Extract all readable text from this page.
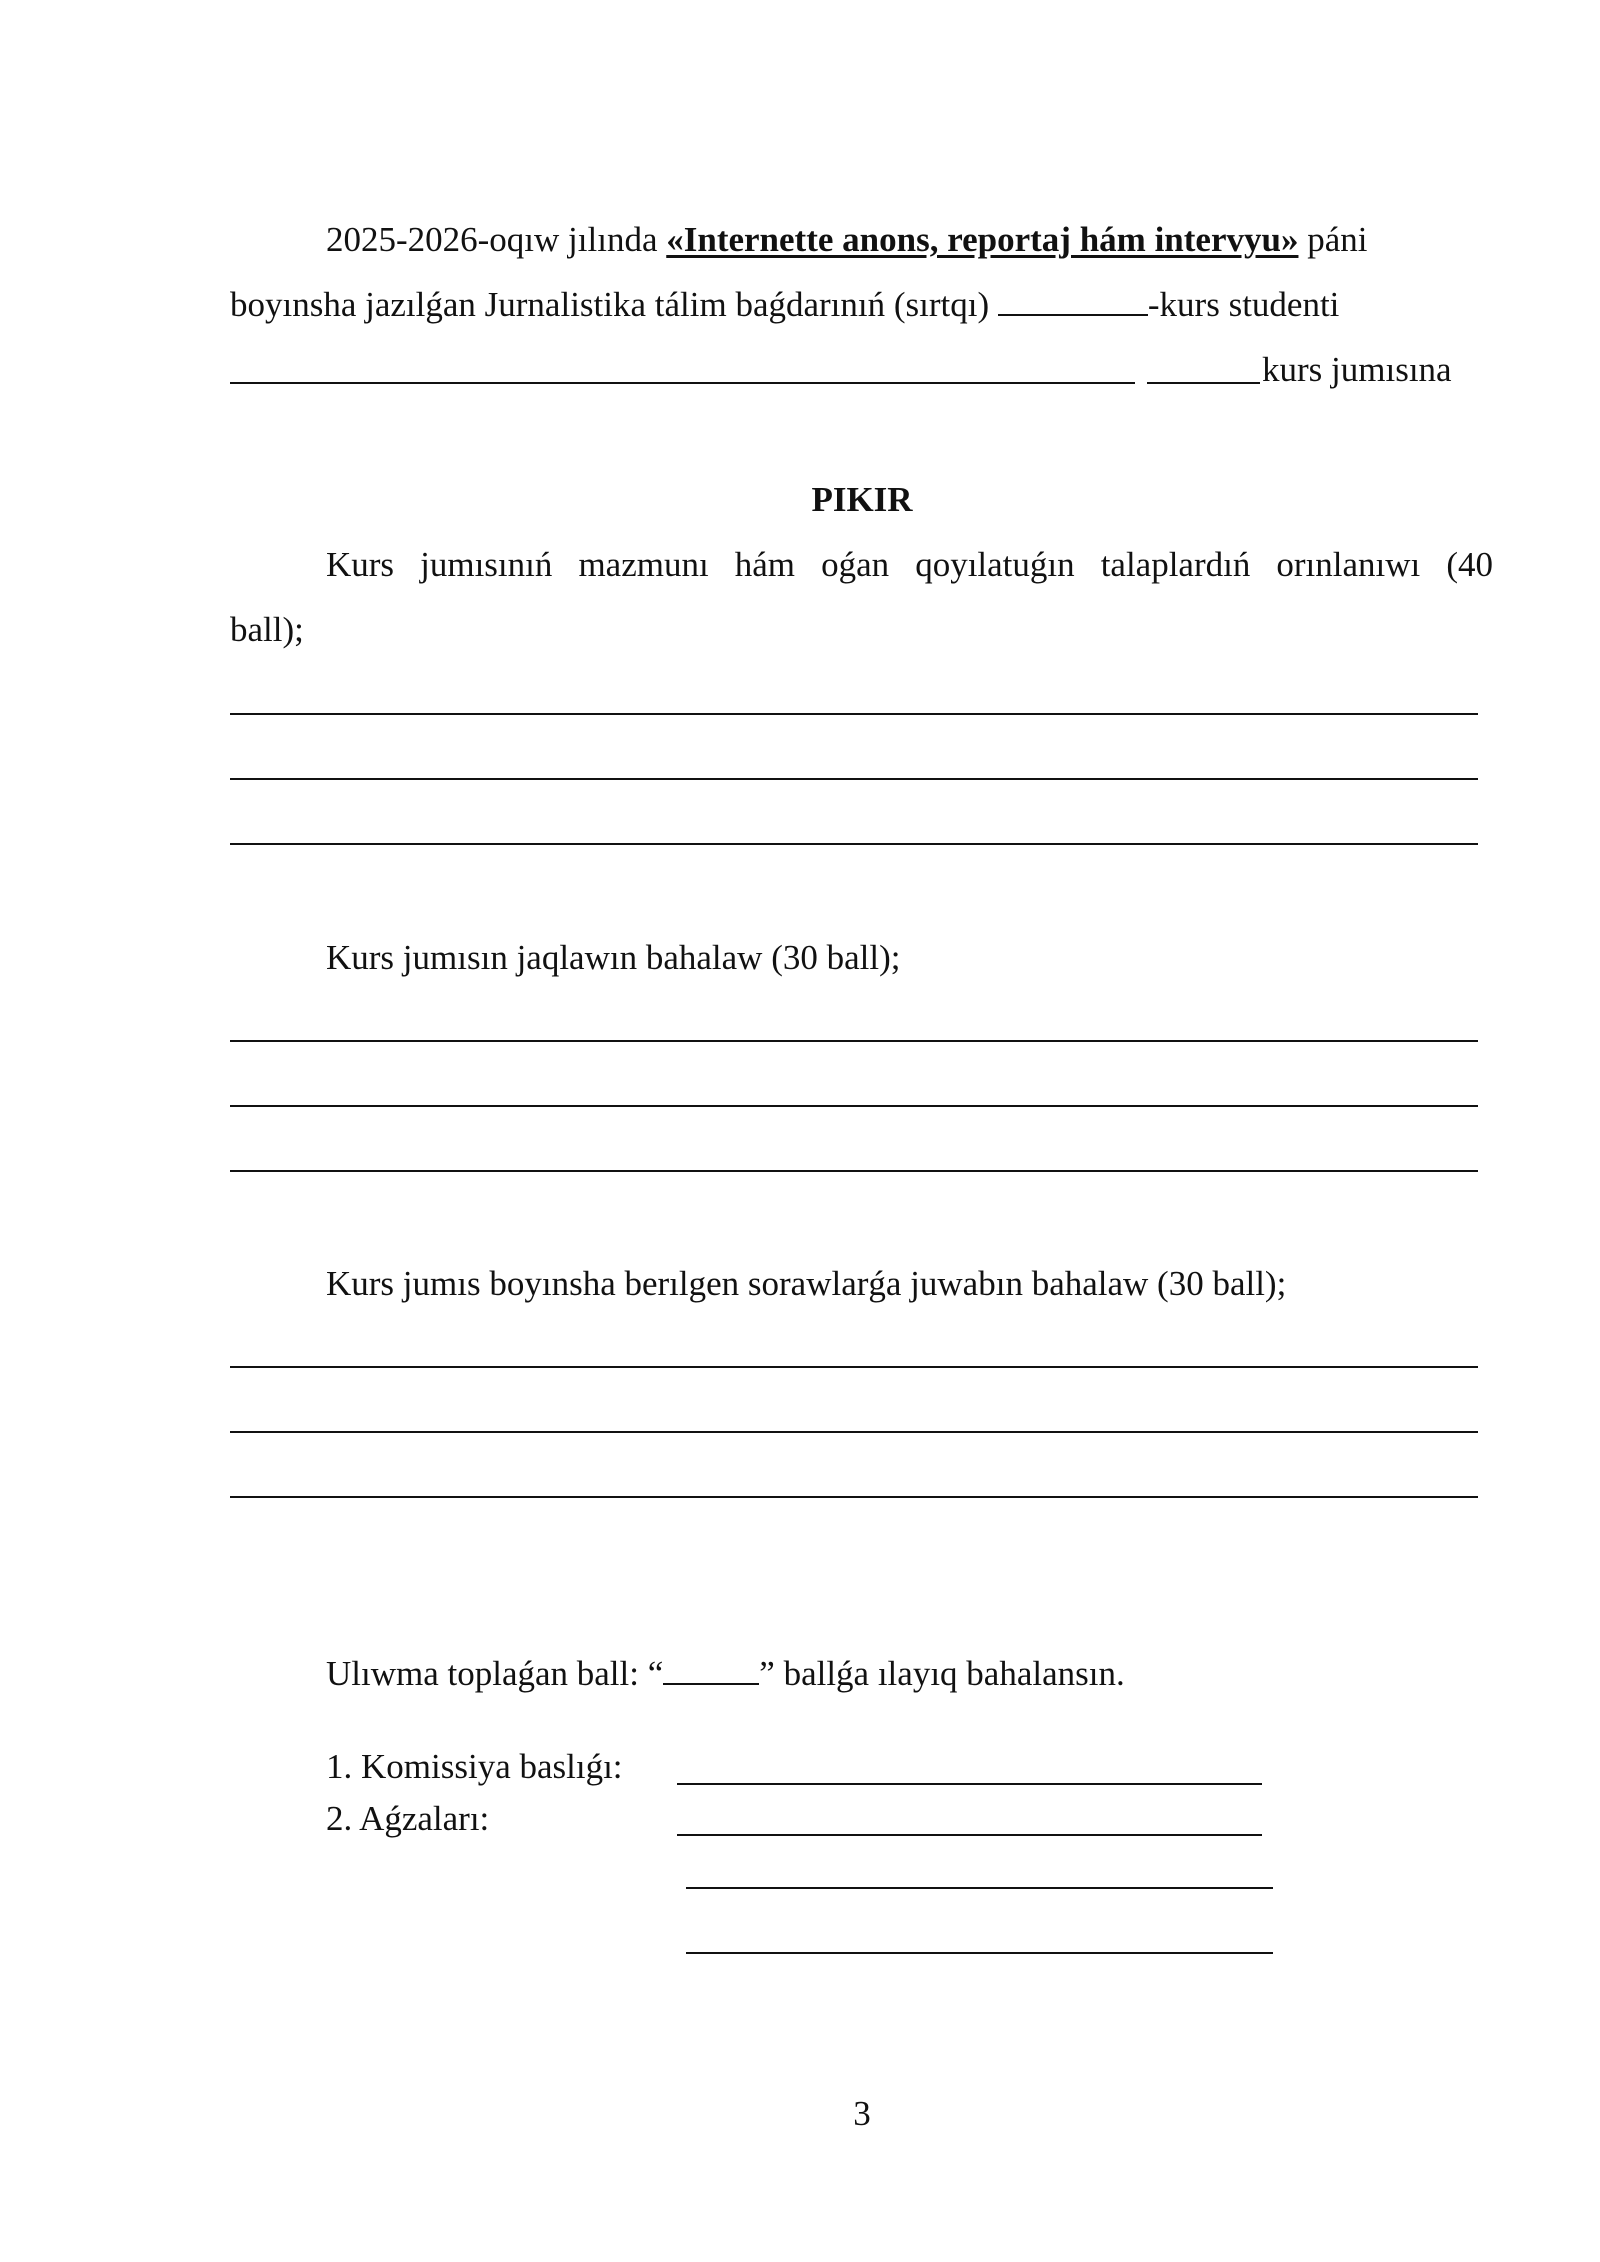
2025-2026-oqıw jılında «Internette anons, reportaj hám intervyu» páni
boyınsha jazılǵan Jurnalistika tálim baǵdarınıń (sırtqı)	-kurs studenti
kurs jumısına
PIKIR
Kurs jumısınıń mazmunı hám oǵan qoyılatuǵın talaplardıń orınlanıwı (40
ball);
Kurs jumısın jaqlawın bahalaw (30 ball);
Kurs jumıs boyınsha berılgen sorawlarǵa juwabın bahalaw (30 ball);
Ulıwma toplaǵan ball: “	” ballǵa ılayıq bahalansın.
1. Komissiya baslıǵı:
2. Aǵzaları:
3
